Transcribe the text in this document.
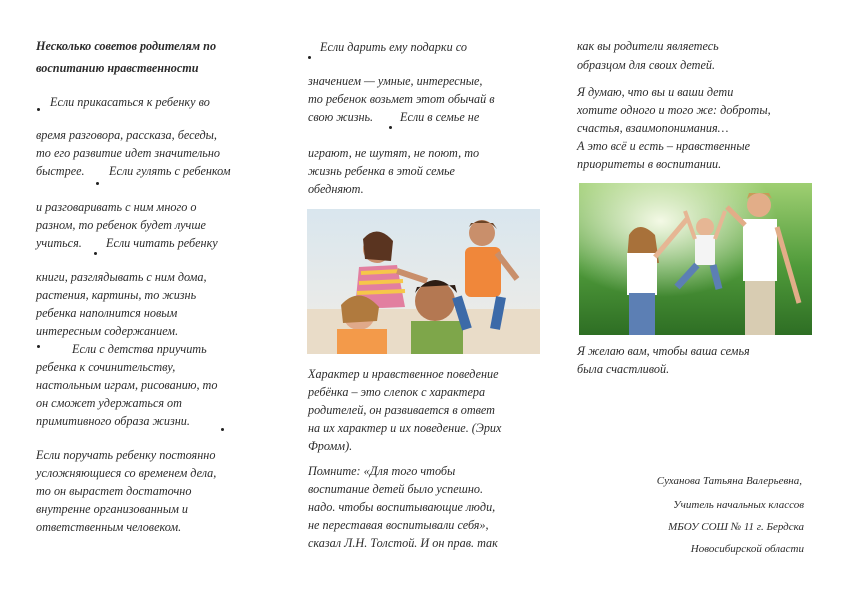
Несколько советов родителям по

воспитанию нравственности

Если прикасаться к ребенку во

время разговора, рассказа, беседы,

то его развитие идет значительно

быстрее. Если гулять с ребенком

и разговаривать с ним много о

разном, то ребенок будет лучше

учиться. Если читать ребенку

книги, разглядывать с ним дома,

растения, картины, то жизнь

ребенка наполнится новым

интересным содержанием.

Если с детства приучить

ребенка к сочинительству,

настольным играм, рисованию, то

он сможет удержаться от

примитивного образа жизни.

Если поручать ребенку постоянно

усложняющиеся со временем дела,

то он вырастет достаточно

внутренне организованным и

ответственным человеком.

Если дарить ему подарки со

значением — умные, интересные,

то ребенок возьмет этот обычай в

свою жизнь. Если в семье не

играют, не шутят, не поют, то

жизнь ребенка в этой семье

обедняют.

Характер и нравственное поведение

ребёнка – это слепок с характера

родителей, он развивается в ответ

на их характер и их поведение. (Эрих

Фромм).

Помните: «Для того чтобы

воспитание детей было успешно.

надо. чтобы воспитывающие люди,

не переставая воспитывали себя»,

сказал Л.Н. Толстой. И он прав. так

как вы родители являетесь

образцом для своих детей.

Я думаю, что вы и ваши дети

хотите одного и того же: доброты,

счастья, взаимопонимания…

А это всё и есть – нравственные

приоритеты в воспитании.

Я желаю вам, чтобы ваша семья

была счастливой.

Суханова Татьяна Валерьевна,

Учитель начальных классов

МБОУ СОШ № 11 г. Бердска

Новосибирской области
